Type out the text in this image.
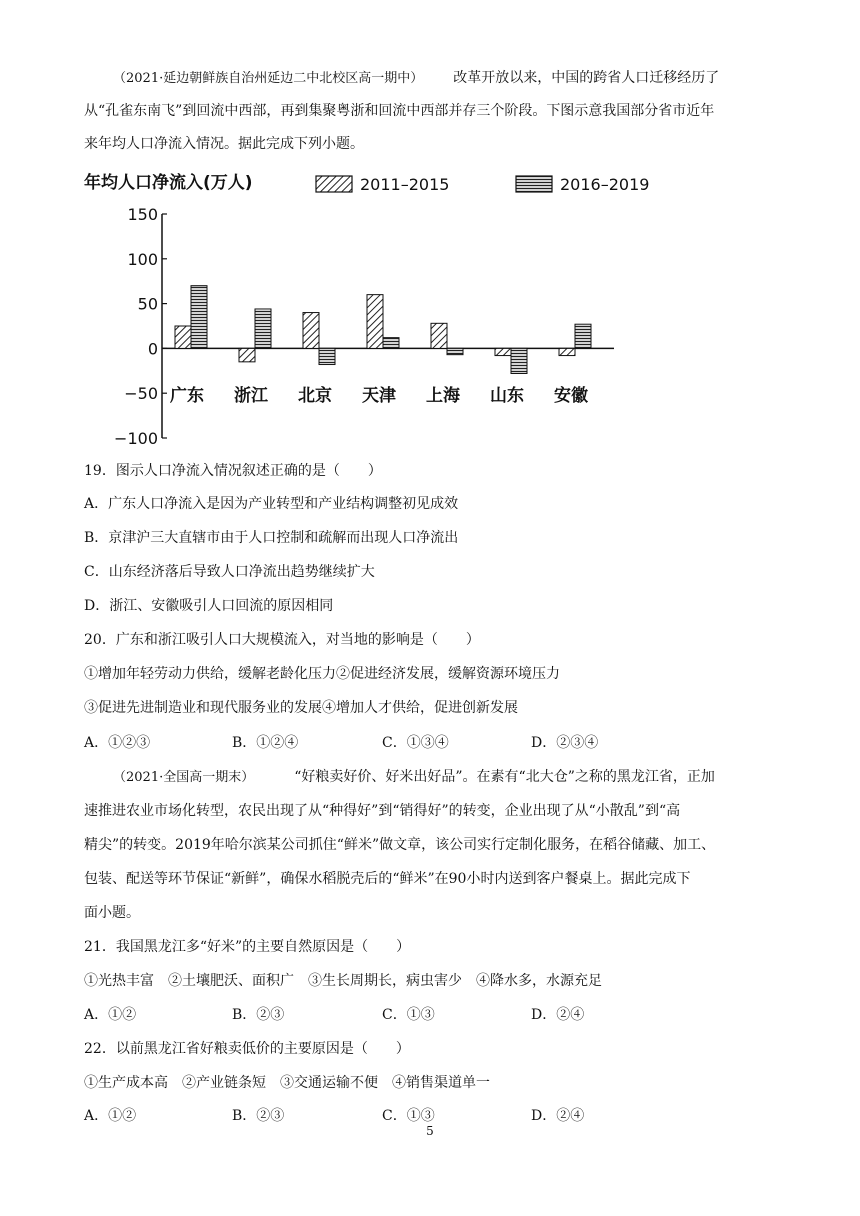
（2021·延边朝鲜族自治州延边二中北校区高一期中） 改革开放以来，中国的跨省人口迁移经历了
从“孔雀东南飞”到回流中西部，再到集聚粤浙和回流中西部并存三个阶段。下图示意我国部分省市近年
来年均人口净流入情况。据此完成下列小题。
年均人口净流入(万人)	2011–2015	2016–2019
150
100
50
0
−50
−100
广东 浙江 北京 天津 上海 山东 安徽
19．图示人口净流入情况叙述正确的是（　　）
A．广东人口净流入是因为产业转型和产业结构调整初见成效
B．京津沪三大直辖市由于人口控制和疏解而出现人口净流出
C．山东经济落后导致人口净流出趋势继续扩大
D．浙江、安徽吸引人口回流的原因相同
20．广东和浙江吸引人口大规模流入，对当地的影响是（　　）
①增加年轻劳动力供给，缓解老龄化压力②促进经济发展，缓解资源环境压力
③促进先进制造业和现代服务业的发展④增加人才供给，促进创新发展
A．①②③	B．①②④	C．①③④	D．②③④
（2021·全国高一期末）	“好粮卖好价、好米出好品”。在素有“北大仓”之称的黑龙江省，正加
速推进农业市场化转型，农民出现了从“种得好”到“销得好”的转变，企业出现了从“小散乱”到“高
精尖”的转变。2019年哈尔滨某公司抓住“鲜米”做文章，该公司实行定制化服务，在稻谷储藏、加工、
包装、配送等环节保证“新鲜”，确保水稻脱壳后的“鲜米”在90小时内送到客户餐桌上。据此完成下
面小题。
21．我国黑龙江多“好米”的主要自然原因是（　　）
①光热丰富　②土壤肥沃、面积广　③生长周期长，病虫害少　④降水多，水源充足
A．①②	B．②③	C．①③	D．②④
22．以前黑龙江省好粮卖低价的主要原因是（　　）
①生产成本高　②产业链条短　③交通运输不便　④销售渠道单一
A．①②	B．②③	C．①③	D．②④
5
